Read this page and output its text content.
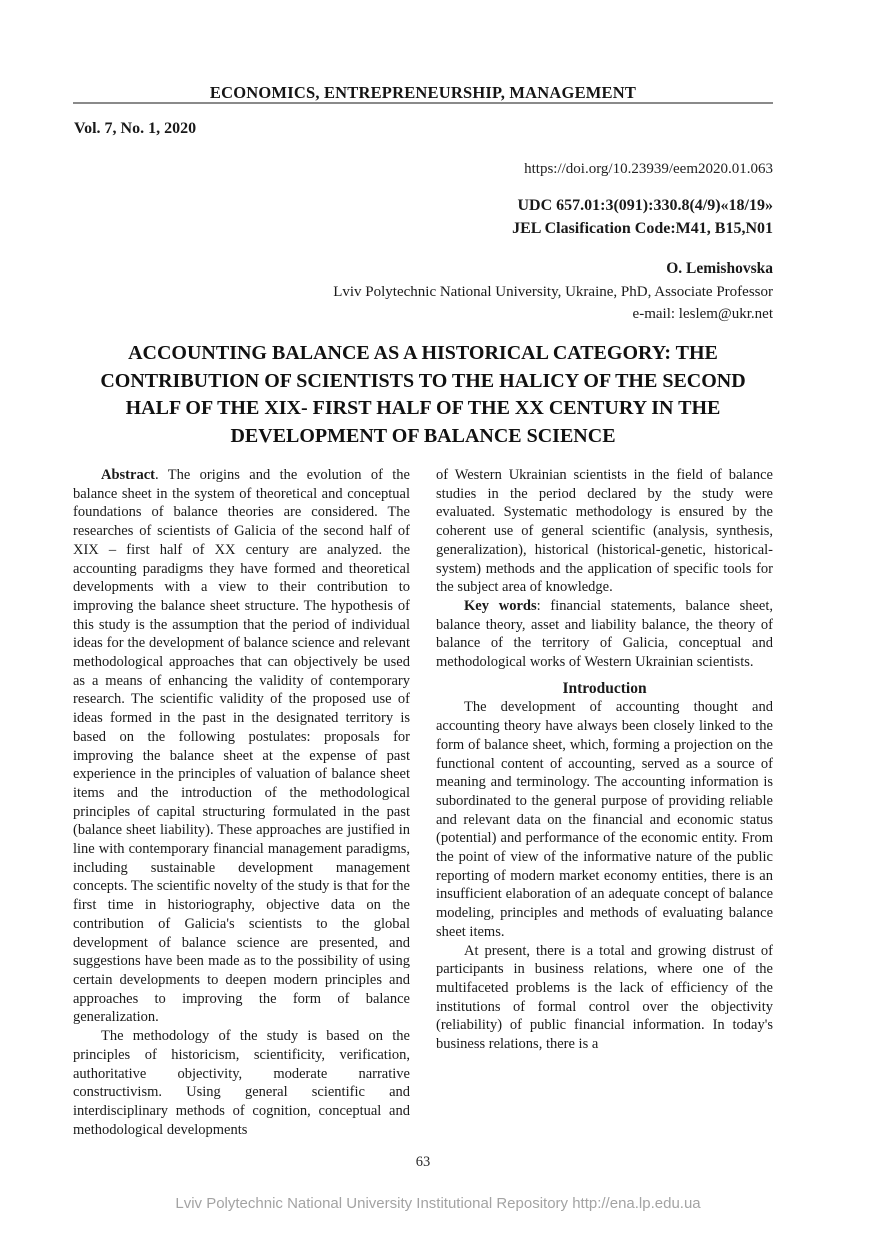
ECONOMICS, ENTREPRENEURSHIP, MANAGEMENT
Vol. 7, No. 1, 2020
https://doi.org/10.23939/eem2020.01.063
UDC 657.01:3(091):330.8(4/9)«18/19»
JEL Clasification Code:M41, B15,N01
O. Lemishovska
Lviv Polytechnic National University, Ukraine, PhD, Associate Professor
e-mail: leslem@ukr.net
ACCOUNTING BALANCE AS A HISTORICAL CATEGORY: THE CONTRIBUTION OF SCIENTISTS TO THE HALICY OF THE SECOND HALF OF THE XIX- FIRST HALF OF THE XX CENTURY IN THE DEVELOPMENT OF BALANCE SCIENCE

Abstract. The origins and the evolution of the balance sheet in the system of theoretical and conceptual foundations of balance theories are considered. The researches of scientists of Galicia of the second half of XIX – first half of XX century are analyzed. the accounting paradigms they have formed and theoretical developments with a view to their contribution to improving the balance sheet structure. The hypothesis of this study is the assumption that the period of individual ideas for the development of balance science and relevant methodological approaches that can objectively be used as a means of enhancing the validity of contemporary research. The scientific validity of the proposed use of ideas formed in the past in the designated territory is based on the following postulates: proposals for improving the balance sheet at the expense of past experience in the principles of valuation of balance sheet items and the introduction of the methodological principles of capital structuring formulated in the past (balance sheet liability). These approaches are justified in line with contemporary financial management paradigms, including sustainable development management concepts. The scientific novelty of the study is that for the first time in historiography, objective data on the contribution of Galicia's scientists to the global development of balance science are presented, and suggestions have been made as to the possibility of using certain developments to deepen modern principles and approaches to improving the form of balance generalization.

The methodology of the study is based on the principles of historicism, scientificity, verification, authoritative objectivity, moderate narrative constructivism. Using general scientific and interdisciplinary methods of cognition, conceptual and methodological developments

of Western Ukrainian scientists in the field of balance studies in the period declared by the study were evaluated. Systematic methodology is ensured by the coherent use of general scientific (analysis, synthesis, generalization), historical (historical-genetic, historical-system) methods and the application of specific tools for the subject area of knowledge.

Key words: financial statements, balance sheet, balance theory, asset and liability balance, the theory of balance of the territory of Galicia, conceptual and methodological works of Western Ukrainian scientists.

Introduction

The development of accounting thought and accounting theory have always been closely linked to the form of balance sheet, which, forming a projection on the functional content of accounting, served as a source of meaning and terminology. The accounting information is subordinated to the general purpose of providing reliable and relevant data on the financial and economic status (potential) and performance of the economic entity. From the point of view of the informative nature of the public reporting of modern market economy entities, there is an insufficient elaboration of an adequate concept of balance modeling, principles and methods of evaluating balance sheet items.

At present, there is a total and growing distrust of participants in business relations, where one of the multifaceted problems is the lack of efficiency of the institutions of formal control over the objectivity (reliability) of public financial information. In today's business relations, there is a

63
Lviv Polytechnic National University Institutional Repository http://ena.lp.edu.ua
